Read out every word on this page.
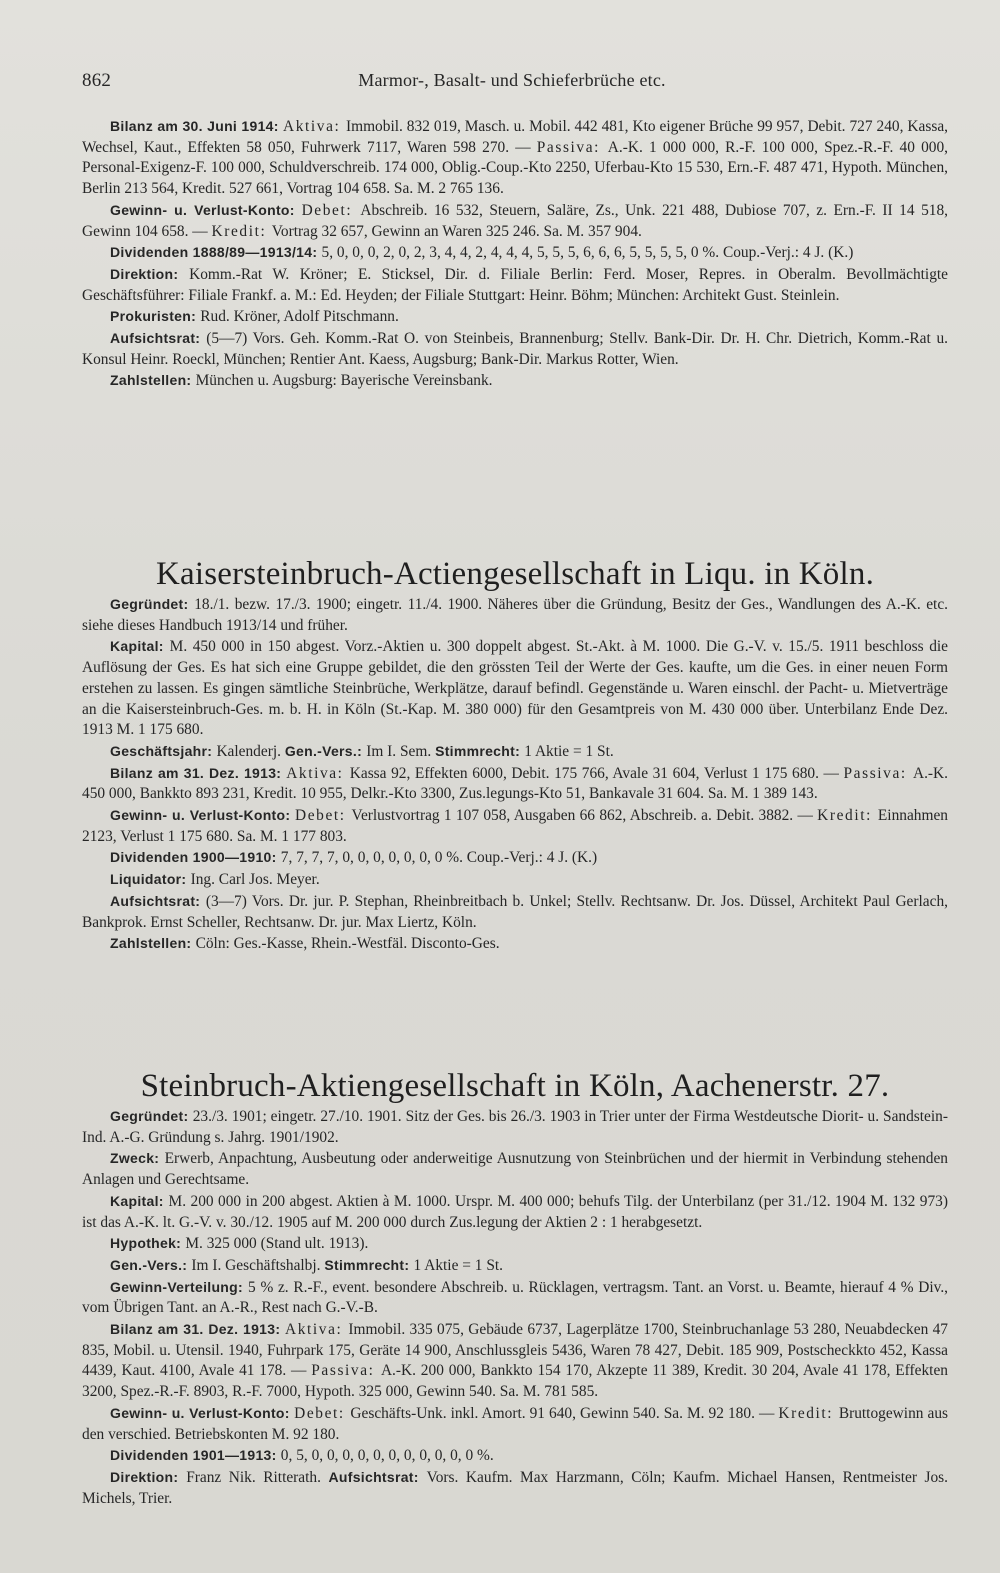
862	Marmor-, Basalt- und Schieferbrüche etc.

Bilanz am 30. Juni 1914: Aktiva: Immobil. 832 019, Masch. u. Mobil. 442 481, Kto eigener Brüche 99 957, Debit. 727 240, Kassa, Wechsel, Kaut., Effekten 58 050, Fuhrwerk 7117, Waren 598 270. — Passiva: A.-K. 1 000 000, R.-F. 100 000, Spez.-R.-F. 40 000, Personal-Exigenz-F. 100 000, Schuldverschreib. 174 000, Oblig.-Coup.-Kto 2250, Uferbau-Kto 15 530, Ern.-F. 487 471, Hypoth. München, Berlin 213 564, Kredit. 527 661, Vortrag 104 658. Sa. M. 2 765 136.

Gewinn- u. Verlust-Konto: Debet: Abschreib. 16 532, Steuern, Saläre, Zs., Unk. 221 488, Dubiose 707, z. Ern.-F. II 14 518, Gewinn 104 658. — Kredit: Vortrag 32 657, Gewinn an Waren 325 246. Sa. M. 357 904.

Dividenden 1888/89—1913/14: 5, 0, 0, 0, 2, 0, 2, 3, 4, 4, 2, 4, 4, 4, 5, 5, 5, 6, 6, 6, 5, 5, 5, 5, 0 %. Coup.-Verj.: 4 J. (K.)

Direktion: Komm.-Rat W. Kröner; E. Sticksel, Dir. d. Filiale Berlin: Ferd. Moser, Repres. in Oberalm. Bevollmächtigte Geschäftsführer: Filiale Frankf. a. M.: Ed. Heyden; der Filiale Stuttgart: Heinr. Böhm; München: Architekt Gust. Steinlein.

Prokuristen: Rud. Kröner, Adolf Pitschmann.

Aufsichtsrat: (5—7) Vors. Geh. Komm.-Rat O. von Steinbeis, Brannenburg; Stellv. Bank-Dir. Dr. H. Chr. Dietrich, Komm.-Rat u. Konsul Heinr. Roeckl, München; Rentier Ant. Kaess, Augsburg; Bank-Dir. Markus Rotter, Wien.

Zahlstellen: München u. Augsburg: Bayerische Vereinsbank.

Kaisersteinbruch-Actiengesellschaft in Liqu. in Köln.

Gegründet: 18./1. bezw. 17./3. 1900; eingetr. 11./4. 1900. Näheres über die Gründung, Besitz der Ges., Wandlungen des A.-K. etc. siehe dieses Handbuch 1913/14 und früher.

Kapital: M. 450 000 in 150 abgest. Vorz.-Aktien u. 300 doppelt abgest. St.-Akt. à M. 1000. Die G.-V. v. 15./5. 1911 beschloss die Auflösung der Ges. Es hat sich eine Gruppe gebildet, die den grössten Teil der Werte der Ges. kaufte, um die Ges. in einer neuen Form erstehen zu lassen. Es gingen sämtliche Steinbrüche, Werkplätze, darauf befindl. Gegenstände u. Waren einschl. der Pacht- u. Mietverträge an die Kaisersteinbruch-Ges. m. b. H. in Köln (St.-Kap. M. 380 000) für den Gesamtpreis von M. 430 000 über. Unterbilanz Ende Dez. 1913 M. 1 175 680.

Geschäftsjahr: Kalenderj. Gen.-Vers.: Im I. Sem. Stimmrecht: 1 Aktie = 1 St.

Bilanz am 31. Dez. 1913: Aktiva: Kassa 92, Effekten 6000, Debit. 175 766, Avale 31 604, Verlust 1 175 680. — Passiva: A.-K. 450 000, Bankkto 893 231, Kredit. 10 955, Delkr.-Kto 3300, Zus.legungs-Kto 51, Bankavale 31 604. Sa. M. 1 389 143.

Gewinn- u. Verlust-Konto: Debet: Verlustvortrag 1 107 058, Ausgaben 66 862, Abschreib. a. Debit. 3882. — Kredit: Einnahmen 2123, Verlust 1 175 680. Sa. M. 1 177 803.

Dividenden 1900—1910: 7, 7, 7, 7, 0, 0, 0, 0, 0, 0, 0 %. Coup.-Verj.: 4 J. (K.)

Liquidator: Ing. Carl Jos. Meyer.

Aufsichtsrat: (3—7) Vors. Dr. jur. P. Stephan, Rheinbreitbach b. Unkel; Stellv. Rechtsanw. Dr. Jos. Düssel, Architekt Paul Gerlach, Bankprok. Ernst Scheller, Rechtsanw. Dr. jur. Max Liertz, Köln.

Zahlstellen: Cöln: Ges.-Kasse, Rhein.-Westfäl. Disconto-Ges.

Steinbruch-Aktiengesellschaft in Köln, Aachenerstr. 27.

Gegründet: 23./3. 1901; eingetr. 27./10. 1901. Sitz der Ges. bis 26./3. 1903 in Trier unter der Firma Westdeutsche Diorit- u. Sandstein-Ind. A.-G. Gründung s. Jahrg. 1901/1902.

Zweck: Erwerb, Anpachtung, Ausbeutung oder anderweitige Ausnutzung von Steinbrüchen und der hiermit in Verbindung stehenden Anlagen und Gerechtsame.

Kapital: M. 200 000 in 200 abgest. Aktien à M. 1000. Urspr. M. 400 000; behufs Tilg. der Unterbilanz (per 31./12. 1904 M. 132 973) ist das A.-K. lt. G.-V. v. 30./12. 1905 auf M. 200 000 durch Zus.legung der Aktien 2 : 1 herabgesetzt.

Hypothek: M. 325 000 (Stand ult. 1913).

Gen.-Vers.: Im I. Geschäftshalbj. Stimmrecht: 1 Aktie = 1 St.

Gewinn-Verteilung: 5 % z. R.-F., event. besondere Abschreib. u. Rücklagen, vertragsm. Tant. an Vorst. u. Beamte, hierauf 4 % Div., vom Übrigen Tant. an A.-R., Rest nach G.-V.-B.

Bilanz am 31. Dez. 1913: Aktiva: Immobil. 335 075, Gebäude 6737, Lagerplätze 1700, Steinbruchanlage 53 280, Neuabdecken 47 835, Mobil. u. Utensil. 1940, Fuhrpark 175, Geräte 14 900, Anschlussgleis 5436, Waren 78 427, Debit. 185 909, Postscheckkto 452, Kassa 4439, Kaut. 4100, Avale 41 178. — Passiva: A.-K. 200 000, Bankkto 154 170, Akzepte 11 389, Kredit. 30 204, Avale 41 178, Effekten 3200, Spez.-R.-F. 8903, R.-F. 7000, Hypoth. 325 000, Gewinn 540. Sa. M. 781 585.

Gewinn- u. Verlust-Konto: Debet: Geschäfts-Unk. inkl. Amort. 91 640, Gewinn 540. Sa. M. 92 180. — Kredit: Bruttogewinn aus den verschied. Betriebskonten M. 92 180.

Dividenden 1901—1913: 0, 5, 0, 0, 0, 0, 0, 0, 0, 0, 0, 0, 0 %.

Direktion: Franz Nik. Ritterath. Aufsichtsrat: Vors. Kaufm. Max Harzmann, Cöln; Kaufm. Michael Hansen, Rentmeister Jos. Michels, Trier.
